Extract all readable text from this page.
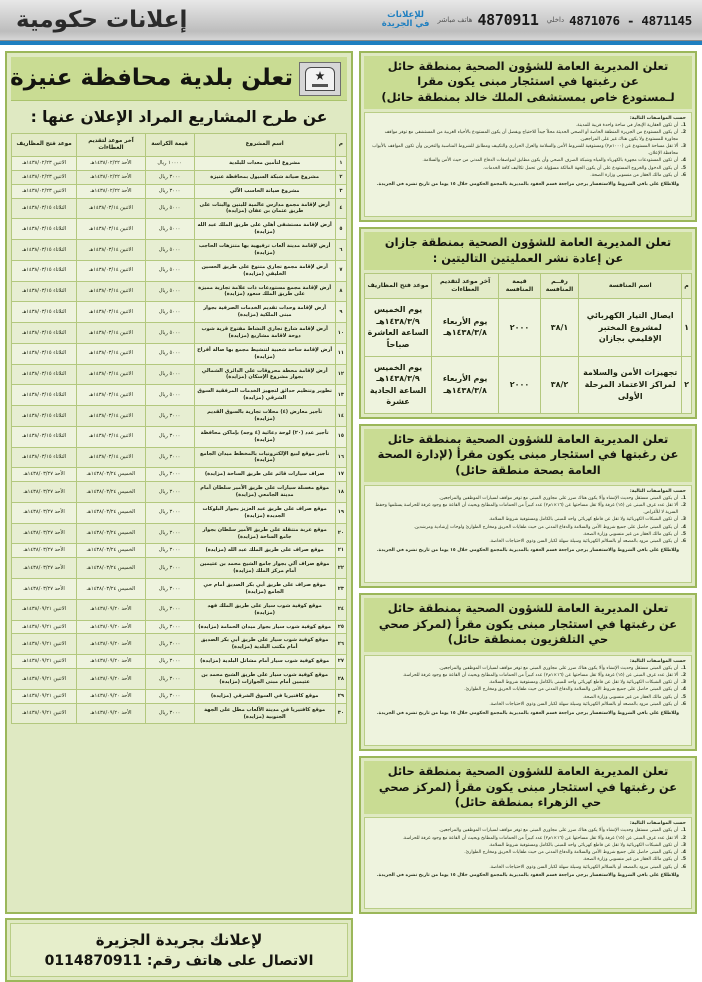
4871145 - 4871076
داخلي
4870911
هاتف مباشر
للإعلانات
في الجريدة
إعلانات حكومية
تعلن المديرية العامة للشؤون الصحية بمنطقة حائل
عن رغبتها في استئجار مبنى يكون مقرا
لـمستودع خاص بمستشفى الملك خالد بمنطقة حائل)
حسب المواصفات التالية:
1.
أن تكون العقارية الإيجار في ساحة واحدة قريبة للمدينة.
2.
أن يكون المستودع من الجزيرة المنطقة الخاصة أو الصحي الحديثة محلاً جيداً للاحتياج ويفضل أن يكون المستودع بالأحياء الغربية من المستشفى مع توفر مواقف مجاورة للمستودع ولا يكون هناك غير على المراجعين.
3.
ألا تقل مساحة المستودع عن (١٠٠٠م٢) ومستوفية للشروط الأمن والسلامة والعزل الحراري والتكييف ومطابق للشروط المناسبة والتخزين وأن تكون المواقف بالأبواب محافظة الإعلان.
4.
أن تكون المستودعات مجهزة بالكهرباء والمياه وشبكة الصرف الصحي وأن يكون مطابق لمواصفات الدفاع المدني من حيث الأمن والسلامة.
5.
أن يكون الدخول والخروج المستودع على أن يكون الجهة المالكة مسؤولة عن تحمل تكاليف كافة الخدمات.
6.
أن يكون مالك العقار من منسوبي وزارة الصحة.
وللاطلاع على باقي الشروط والاستفسار يرجى مراجعة قسم العقود بالمديرية بالمجمع الحكومي خلال ١٥ يوما من تاريخ نشره في الجريدة.
تعلن المديرية العامة للشؤون الصحية بمنطقة جازان
عن إعادة نشر العمليتين التاليتين :
م	اسم المنافسة	رقــم المنافسة	قيمة المنافسة	آخر موعد لتقديم العطاءات	موعد فتح المظاريف
١	ايصال التيار الكهربائي لمشروع المختبر الإقليمي بجازان	٣٨/١	٢٠٠٠	يوم الأربعاء ١٤٣٨/٣/٨هـ	يوم الخميس ١٤٣٨/٣/٩هـ الساعة العاشرة صباحاً
٢	تجهيزات الأمن والسلامة لمراكز الاعتماد المرحلة الأولى	٣٨/٢	٢٠٠٠	يوم الأربعاء ١٤٣٨/٣/٨هـ	يوم الخميس ١٤٣٨/٣/٩هـ الساعة الحادية عشرة
تعلن المديرية العامة للشؤون الصحية بمنطقة حائل
عن رغبتها في استئجار مبنى يكون مقرأ (لإدارة الصحة العامة بصحة منطقة حائل)
حسب المواصفات التالية:
1.
أن يكون المبنى مستقل وحديث الإنشاء وألا يكون هناك ضرر على مجاوري المبنى مع توفر مواقف لسيارات الموظفين والمراجعين.
2.
ألا تقل عدد غرف المبنى عن (١٥) غرفة وألا تقل مساحتها عن (١٦×١م٢) عدد كبيراً من الحمامات والمطابخ وبحيث أن القاعة مع وجود غرفة للحراسة يستلمها وحفظ السرية لا للأغراض.
3.
أن تكون الشبكات الكهربائية ولا تقل عن قاطع كهربائي واحد للمبنى بالكامل ومستوفية شروط السلامة.
4.
أن يكون المبنى حاصل على جميع شروط الأمن والسلامة والدفاع المدني من حيث طفايات الحريق ومخارج الطوارئ ولوحات إرشادية ومرشدين.
5.
أن يكون مالك العقار من غير منسوبي وزارة الصحة.
6.
أن يكون المبنى مزود بالمصعد أو بالسلالم الكهربائية وسيلة سهلة لكبار السن وذوي الاحتياجات الخاصة.
وللاطلاع على باقي الشروط والاستفسار يرجى مراجعة قسم العقود بالمديرية بالمجمع الحكومي خلال ١٥ يوما من تاريخ نشره في الجريدة.
تعلن المديرية العامة للشؤون الصحية بمنطقة حائل
عن رغبتها في استئجار مبنى يكون مقرأ (لمركز صحي حي التلفزيون بمنطقة حائل)
حسب المواصفات التالية:
1.
أن يكون المبنى مستقل وحديث الإنشاء وألا يكون هناك ضرر على مجاوري المبنى مع توفر مواقف لسيارات الموظفين والمراجعين.
2.
ألا تقل عدد غرف المبنى عن (١٥) غرفة وألا تقل مساحتها عن (١٦×١م٢) عدد كبيراً من الحمامات والمطابخ وبحيث أن القاعة مع وجود غرفة للحراسة.
3.
أن تكون الشبكات الكهربائية ولا تقل عن قاطع كهربائي واحد للمبنى بالكامل ومستوفية شروط السلامة.
4.
أن يكون المبنى حاصل على جميع شروط الأمن والسلامة والدفاع المدني من حيث طفايات الحريق ومخارج الطوارئ.
5.
أن يكون مالك العقار من غير منسوبي وزارة الصحة.
6.
أن يكون المبنى مزود بالمصعد أو بالسلالم الكهربائية وسيلة سهلة لكبار السن وذوي الاحتياجات الخاصة.
وللاطلاع على باقي الشروط والاستفسار يرجى مراجعة قسم العقود بالمديرية بالمجمع الحكومي خلال ١٥ يوما من تاريخ نشره في الجريدة.
تعلن المديرية العامة للشؤون الصحية بمنطقة حائل
عن رغبتها في استئجار مبنى يكون مقرأ (لمركز صحي حي الزهراء بمنطقة حائل)
حسب المواصفات التالية:
1.
أن يكون المبنى مستقل وحديث الإنشاء وألا يكون هناك ضرر على مجاوري المبنى مع توفر مواقف لسيارات الموظفين والمراجعين.
2.
ألا تقل عدد غرف المبنى عن (١٥) غرفة وألا تقل مساحتها عن (١٦×١م٢) عدد كبيراً من الحمامات والمطابخ وبحيث أن القاعة مع وجود غرفة للحراسة.
3.
أن تكون الشبكات الكهربائية ولا تقل عن قاطع كهربائي واحد للمبنى بالكامل ومستوفية شروط السلامة.
4.
أن يكون المبنى حاصل على جميع شروط الأمن والسلامة والدفاع المدني من حيث طفايات الحريق ومخارج الطوارئ.
5.
أن يكون مالك العقار من غير منسوبي وزارة الصحة.
6.
أن يكون المبنى مزود بالمصعد أو بالسلالم الكهربائية وسيلة سهلة لكبار السن وذوي الاحتياجات الخاصة.
وللاطلاع على باقي الشروط والاستفسار يرجى مراجعة قسم العقود بالمديرية بالمجمع الحكومي خلال ١٥ يوما من تاريخ نشره في الجريدة.
تعلن بلدية محافظة عنيزة
عن طرح المشاريع المراد الإعلان عنها :
م	اسم المشروع	قيمة الكراسة	آخر موعد لتقديم العطاءات	موعد فتح المظاريف
١	مشروع لتأمين معدات للبلدية	١٠٠٠٠ ريال	الأحد ١٤٣٨/٠٢/٢٢هـ	الاثنين ١٤٣٨/٠٢/٢٣هـ
٢	مشروع صيانة شبكة السيول بمحافظة عنيزة	٣٠٠٠ ريال	الأحد ١٤٣٨/٠٢/٢٢هـ	الاثنين ١٤٣٨/٠٢/٢٣هـ
٣	مشروع صيانة الحاسب الآلي	٣٠٠٠ ريال	الأحد ١٤٣٨/٠٢/٢٢هـ	الاثنين ١٤٣٨/٠٢/٢٣هـ
٤	أرض لإقامة مجمع مدارس عالمية للبنين والبنات على طريق عثمان بن عفان (مزايدة)	٥٠٠٠ ريال	الاثنين ١٤٣٨/٠٣/١٤هـ	الثلاثاء ١٤٣٨/٠٣/١٥هـ
٥	أرض لإقامة مستشفى أهلي على طريق الملك عبد الله (مزايدة)	٥٠٠٠ ريال	الاثنين ١٤٣٨/٠٣/١٤هـ	الثلاثاء ١٤٣٨/٠٣/١٥هـ
٦	أرض لإقامة مدينة ألعاب ترفيهية بها متنزهات الحاجب (مزايدة)	٥٠٠٠ ريال	الاثنين ١٤٣٨/٠٣/١٤هـ	الثلاثاء ١٤٣٨/٠٣/١٥هـ
٧	أرض لإقامة مجمع تجاري متنوع على طريق الحسين الخليفي (مزايدة)	٥٠٠٠ ريال	الاثنين ١٤٣٨/٠٣/١٤هـ	الثلاثاء ١٤٣٨/٠٣/١٥هـ
٨	أرض لإقامة مجمع مستودعات ذات علامة تجارية مميزة على طريق الملك سعود (مزايدة)	٥٠٠٠ ريال	الاثنين ١٤٣٨/٠٣/١٤هـ	الثلاثاء ١٤٣٨/٠٣/١٥هـ
٩	أرض لإقامة وحدات تقديم الخدمات الصرفية بجوار مبنى الملكية (مزايدة)	٥٠٠٠ ريال	الاثنين ١٤٣٨/٠٣/١٤هـ	الثلاثاء ١٤٣٨/٠٣/١٥هـ
١٠	أرض لإقامة شارع تجاري النشاط مفتوح قرية شوب دوحة لاقامة مشاريع (مزايدة)	٥٠٠٠ ريال	الاثنين ١٤٣٨/٠٣/١٤هـ	الثلاثاء ١٤٣٨/٠٣/١٥هـ
١١	أرض لإقامة ساحة شعبية لتنشيط مجمع بها صالة أفراح (مزايدة)	٥٠٠٠ ريال	الاثنين ١٤٣٨/٠٣/١٤هـ	الثلاثاء ١٤٣٨/٠٣/١٥هـ
١٢	أرض لإقامة محطة محروقات على الدائري الشمالي بجوار مشروع الإسكان (مزايدة)	٥٠٠٠ ريال	الاثنين ١٤٣٨/٠٣/١٤هـ	الثلاثاء ١٤٣٨/٠٣/١٥هـ
١٣	تطوير وتنظيم حدائق لتجهيز الخدمات المرفقية السوق الشرقي (مزايدة)	٥٠٠٠ ريال	الاثنين ١٤٣٨/٠٣/١٤هـ	الثلاثاء ١٤٣٨/٠٣/١٥هـ
١٤	تأجير معارض (٤) محلات تجارية بالسوق القديم (مزايدة)	٣٠٠٠ ريال	الاثنين ١٤٣٨/٠٣/١٤هـ	الثلاثاء ١٤٣٨/٠٣/١٥هـ
١٥	تأجير عدد (٢٠) لوحة دعائية (٤ وجه) بإماكن محافظة (مزايدة)	٣٠٠٠ ريال	الاثنين ١٤٣٨/٠٣/١٤هـ	الثلاثاء ١٤٣٨/٠٣/١٥هـ
١٦	تأجير موقع لبيع الإلكترونيات بالمخطط ميدان الجامع (مزايدة)	٣٠٠٠ ريال	الاثنين ١٤٣٨/٠٣/١٤هـ	الثلاثاء ١٤٣٨/٠٣/١٥هـ
١٧	صراف سيارات قائم على طريق الساحة (مزايدة)	٣٠٠٠ ريال	الخميس ١٤٣٨/٠٣/٢٤هـ	الأحد ١٤٣٨/٠٣/٢٧هـ
١٨	موقع مغسلة سيارات على طريق الأمير سلطان أمام مدينة الجامعي (مزايدة)	٣٠٠٠ ريال	الخميس ١٤٣٨/٠٣/٢٤هـ	الأحد ١٤٣٨/٠٣/٢٧هـ
١٩	موقع صراف على طريق عبد العزيز بجوار البلوكات الجديدة (مزايدة)	٣٠٠٠ ريال	الخميس ١٤٣٨/٠٣/٢٤هـ	الأحد ١٤٣٨/٠٣/٢٧هـ
٢٠	موقع عربة متنقلة على طريق الأمير سلطان بجوار جامع الساحة (مزايدة)	٣٠٠٠ ريال	الخميس ١٤٣٨/٠٣/٢٤هـ	الأحد ١٤٣٨/٠٣/٢٧هـ
٢١	موقع صراف على طريق الملك عبد الله (مزايدة)	٣٠٠٠ ريال	الخميس ١٤٣٨/٠٣/٢٤هـ	الأحد ١٤٣٨/٠٣/٢٧هـ
٢٢	موقع صراف آلي بجوار جامع الشيخ محمد بن عثيمين أمام مركز الملك (مزايدة)	٣٠٠٠ ريال	الخميس ١٤٣٨/٠٣/٢٤هـ	الأحد ١٤٣٨/٠٣/٢٧هـ
٢٣	موقع صراف على طريق أبي بكر الصديق أمام حي الجامع (مزايدة)	٣٠٠٠ ريال	الخميس ١٤٣٨/٠٣/٢٤هـ	الأحد ١٤٣٨/٠٣/٢٧هـ
٢٤	موقع كوفية شوب سيار على طريق الملك فهد (مزايدة)	٣٠٠٠ ريال	الأحد ١٤٣٨/٠٩/٢٠هـ	الاثنين ١٤٣٨/٠٩/٢١هـ
٢٥	موقع كوفية شوب سيار بجوار ميدان الحمامة (مزايدة)	٣٠٠٠ ريال	الأحد ١٤٣٨/٠٩/٢٠هـ	الاثنين ١٤٣٨/٠٩/٢١هـ
٢٦	موقع كوفية شوب سيار على طريق أبي بكر الصديق أمام مكتب البلدية (مزايدة)	٣٠٠٠ ريال	الأحد ١٤٣٨/٠٩/٢٠هـ	الاثنين ١٤٣٨/٠٩/٢١هـ
٢٧	موقع كوفية شوب سيار أمام مشاتل البلدية (مزايدة)	٣٠٠٠ ريال	الأحد ١٤٣٨/٠٩/٢٠هـ	الاثنين ١٤٣٨/٠٩/٢١هـ
٢٨	موقع كوفية شوب سيار على طريق الشيخ محمد بن عثيمين أمام مبنى الجوازات (مزايدة)	٣٠٠٠ ريال	الأحد ١٤٣٨/٠٩/٢٠هـ	الاثنين ١٤٣٨/٠٩/٢١هـ
٢٩	موقع كافتيريا في السوق الشرقي (مزايدة)	٣٠٠٠ ريال	الأحد ١٤٣٨/٠٩/٢٠هـ	الاثنين ١٤٣٨/٠٩/٢١هـ
٣٠	موقع كافتيريا في مدينة الألعاب مطل على الجهة الجنوبية (مزايدة)	٣٠٠٠ ريال	الأحد ١٤٣٨/٠٩/٢٠هـ	الاثنين ١٤٣٨/٠٩/٢١هـ
لإعلانك بجريدة الجزيرة
الاتصال على هاتف رقم: 0114870911
